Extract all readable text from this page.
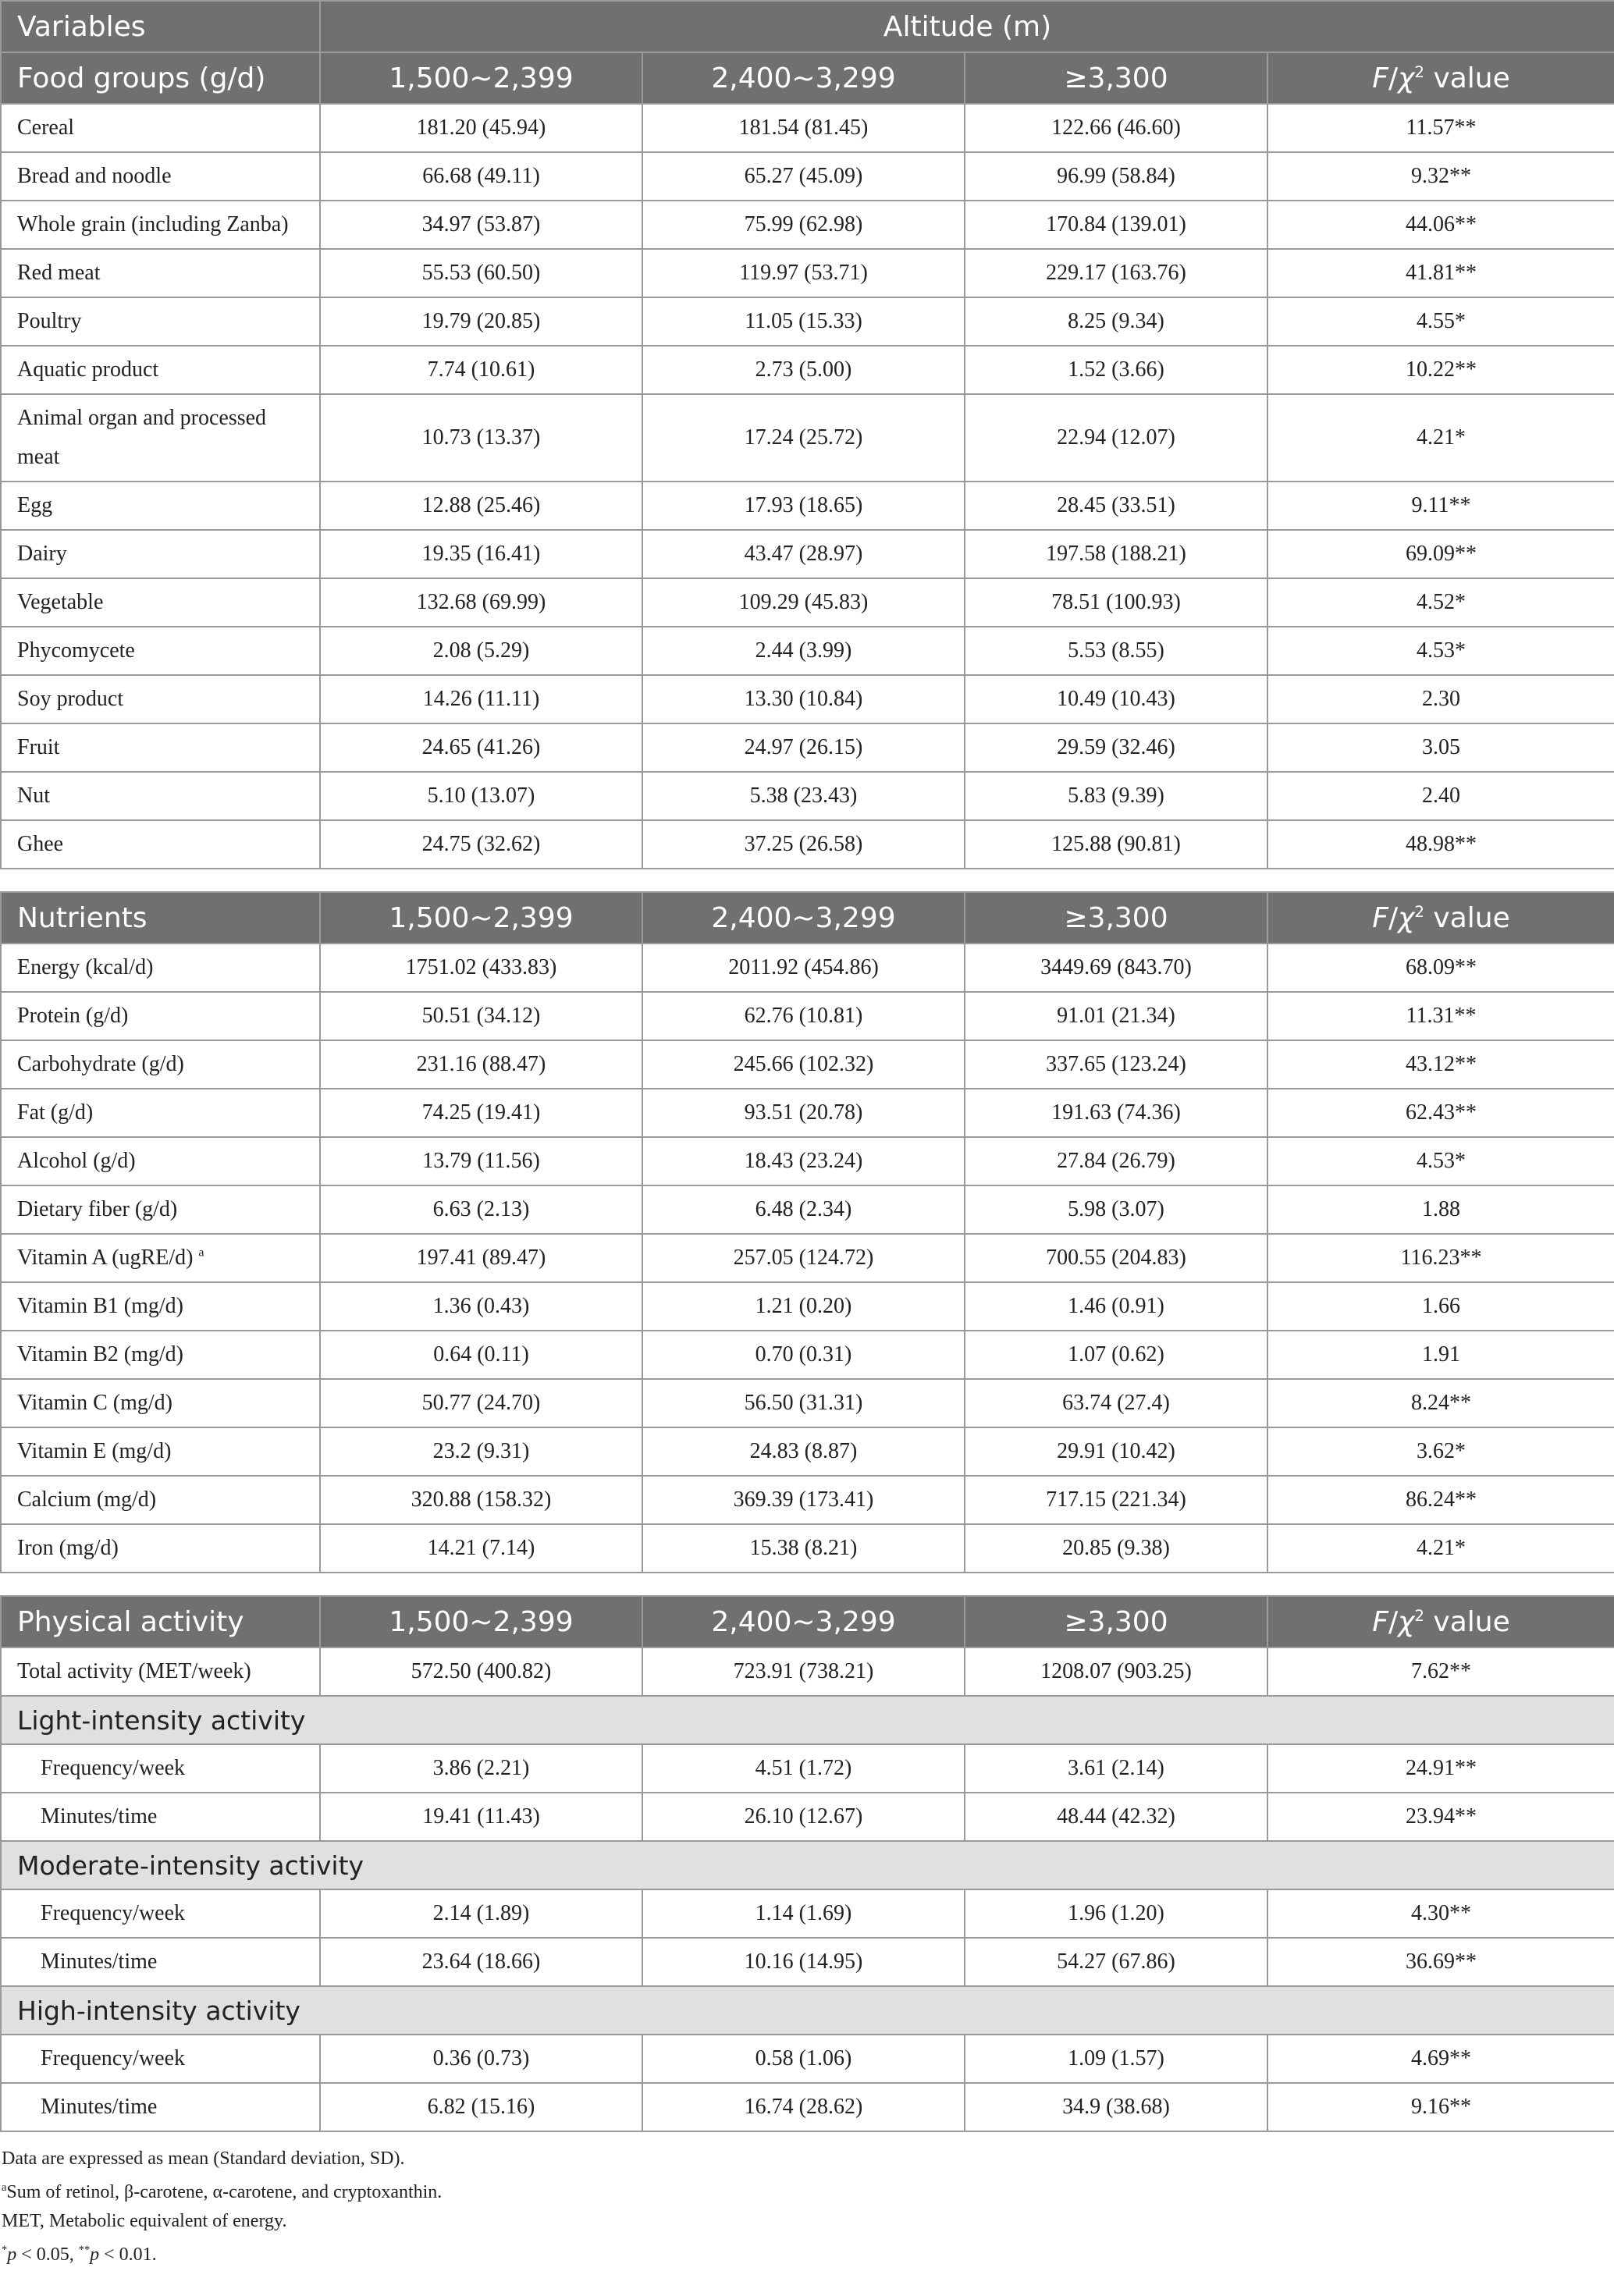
Variables	Altitude (m)			
Food groups (g/d)	1,500~2,399	2,400~3,299	≥3,300	$F/\chi^2$ value
Cereal	181.20 (45.94)	181.54 (81.45)	122.66 (46.60)	11.57**
Bread and noodle	66.68 (49.11)	65.27 (45.09)	96.99 (58.84)	9.32**
Whole grain (including Zanba)	34.97 (53.87)	75.99 (62.98)	170.84 (139.01)	44.06**
Red meat	55.53 (60.50)	119.97 (53.71)	229.17 (163.76)	41.81**
Poultry	19.79 (20.85)	11.05 (15.33)	8.25 (9.34)	4.55*
Aquatic product	7.74 (10.61)	2.73 (5.00)	1.52 (3.66)	10.22**
Animal organ and processed
meat	10.73 (13.37)	17.24 (25.72)	22.94 (12.07)	4.21*
Egg	12.88 (25.46)	17.93 (18.65)	28.45 (33.51)	9.11**
Dairy	19.35 (16.41)	43.47 (28.97)	197.58 (188.21)	69.09**
Vegetable	132.68 (69.99)	109.29 (45.83)	78.51 (100.93)	4.52*
Phycomycete	2.08 (5.29)	2.44 (3.99)	5.53 (8.55)	4.53*
Soy product	14.26 (11.11)	13.30 (10.84)	10.49 (10.43)	2.30
Fruit	24.65 (41.26)	24.97 (26.15)	29.59 (32.46)	3.05
Nut	5.10 (13.07)	5.38 (23.43)	5.83 (9.39)	2.40
Ghee	24.75 (32.62)	37.25 (26.58)	125.88 (90.81)	48.98**
Nutrients	1,500~2,399	2,400~3,299	≥3,300	$F/\chi^2$ value
Energy (kcal/d)	1751.02 (433.83)	2011.92 (454.86)	3449.69 (843.70)	68.09**
Protein (g/d)	50.51 (34.12)	62.76 (10.81)	91.01 (21.34)	11.31**
Carbohydrate (g/d)	231.16 (88.47)	245.66 (102.32)	337.65 (123.24)	43.12**
Fat (g/d)	74.25 (19.41)	93.51 (20.78)	191.63 (74.36)	62.43**
Alcohol (g/d)	13.79 (11.56)	18.43 (23.24)	27.84 (26.79)	4.53*
Dietary fiber (g/d)	6.63 (2.13)	6.48 (2.34)	5.98 (3.07)	1.88
Vitamin A (ugRE/d) $^a$	197.41 (89.47)	257.05 (124.72)	700.55 (204.83)	116.23**
Vitamin B1 (mg/d)	1.36 (0.43)	1.21 (0.20)	1.46 (0.91)	1.66
Vitamin B2 (mg/d)	0.64 (0.11)	0.70 (0.31)	1.07 (0.62)	1.91
Vitamin C (mg/d)	50.77 (24.70)	56.50 (31.31)	63.74 (27.4)	8.24**
Vitamin E (mg/d)	23.2 (9.31)	24.83 (8.87)	29.91 (10.42)	3.62*
Calcium (mg/d)	320.88 (158.32)	369.39 (173.41)	717.15 (221.34)	86.24**
Iron (mg/d)	14.21 (7.14)	15.38 (8.21)	20.85 (9.38)	4.21*
Physical activity	1,500~2,399	2,400~3,299	≥3,300	$F/\chi^2$ value
Total activity (MET/week)	572.50 (400.82)	723.91 (738.21)	1208.07 (903.25)	7.62**
Light-intensity activity				
Frequency/week	3.86 (2.21)	4.51 (1.72)	3.61 (2.14)	24.91**
Minutes/time	19.41 (11.43)	26.10 (12.67)	48.44 (42.32)	23.94**
Moderate-intensity activity				
Frequency/week	2.14 (1.89)	1.14 (1.69)	1.96 (1.20)	4.30**
Minutes/time	23.64 (18.66)	10.16 (14.95)	54.27 (67.86)	36.69**
High-intensity activity				
Frequency/week	0.36 (0.73)	0.58 (1.06)	1.09 (1.57)	4.69**
Minutes/time	6.82 (15.16)	16.74 (28.62)	34.9 (38.68)	9.16**
Data are expressed as mean (Standard deviation, SD).
$^a$Sum of retinol, β-carotene, α-carotene, and cryptoxanthin.
MET, Metabolic equivalent of energy.
*p < 0.05, **p < 0.01.
